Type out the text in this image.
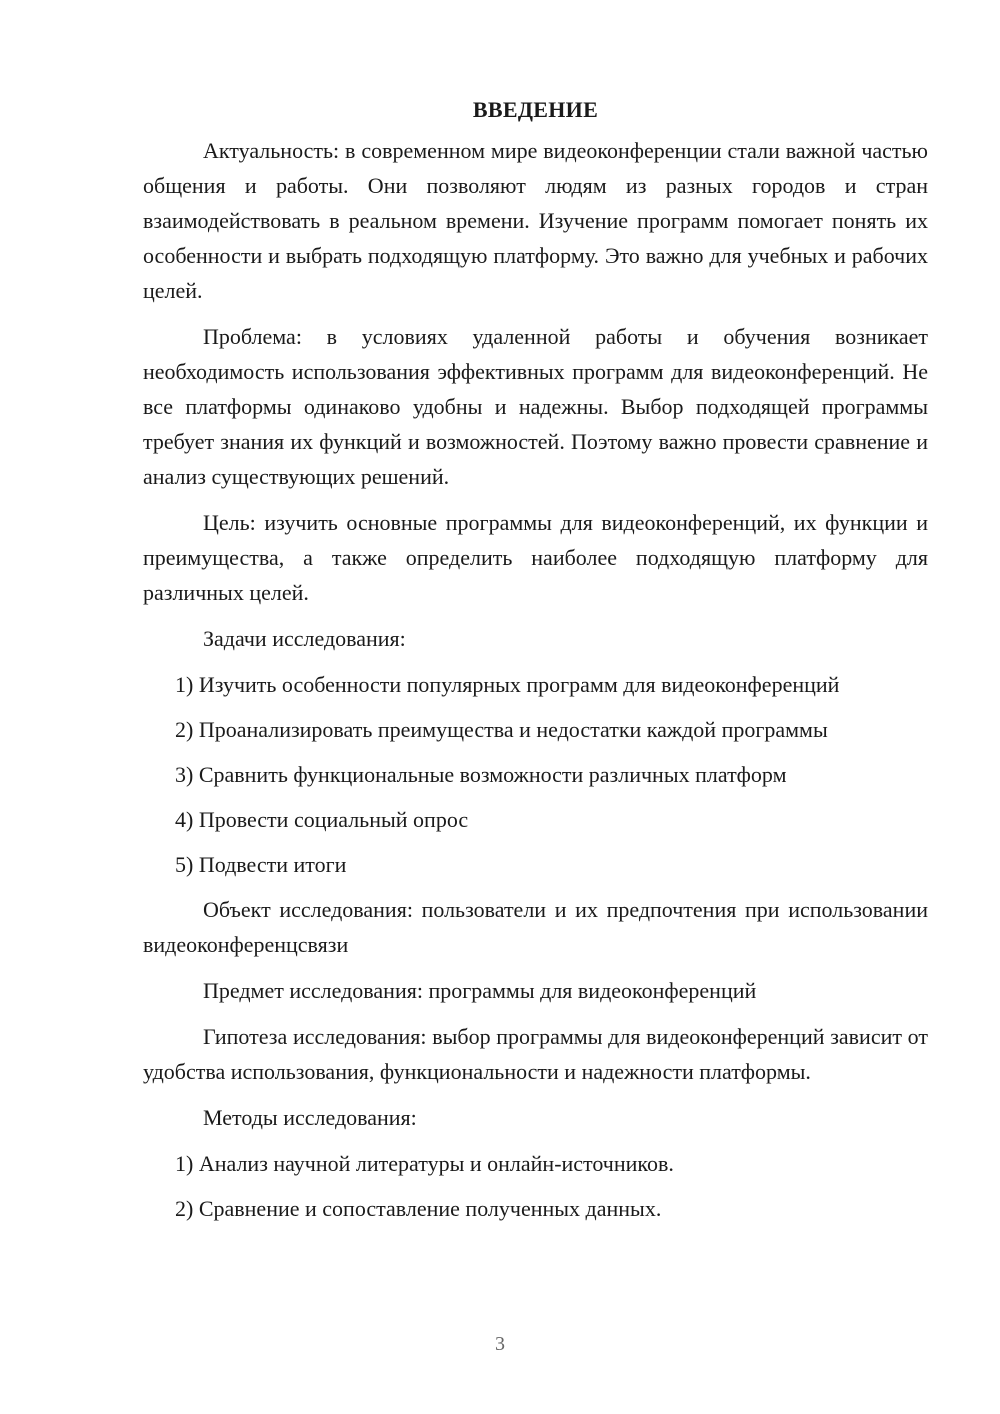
ВВЕДЕНИЕ

Актуальность: в современном мире видеоконференции стали важной частью общения и работы. Они позволяют людям из разных городов и стран взаимодействовать в реальном времени. Изучение программ помогает понять их особенности и выбрать подходящую платформу. Это важно для учебных и рабочих целей.

Проблема: в условиях удаленной работы и обучения возникает необходимость использования эффективных программ для видеоконференций. Не все платформы одинаково удобны и надежны. Выбор подходящей программы требует знания их функций и возможностей. Поэтому важно провести сравнение и анализ существующих решений.

Цель: изучить основные программы для видеоконференций, их функции и преимущества, а также определить наиболее подходящую платформу для различных целей.

Задачи исследования:

1) Изучить особенности популярных программ для видеоконференций
2) Проанализировать преимущества и недостатки каждой программы
3) Сравнить функциональные возможности различных платформ
4) Провести социальный опрос
5) Подвести итоги

Объект исследования: пользователи и их предпочтения при использовании видеоконференцсвязи

Предмет исследования: программы для видеоконференций

Гипотеза исследования: выбор программы для видеоконференций зависит от удобства использования, функциональности и надежности платформы.

Методы исследования:

1) Анализ научной литературы и онлайн-источников.
2) Сравнение и сопоставление полученных данных.
3
